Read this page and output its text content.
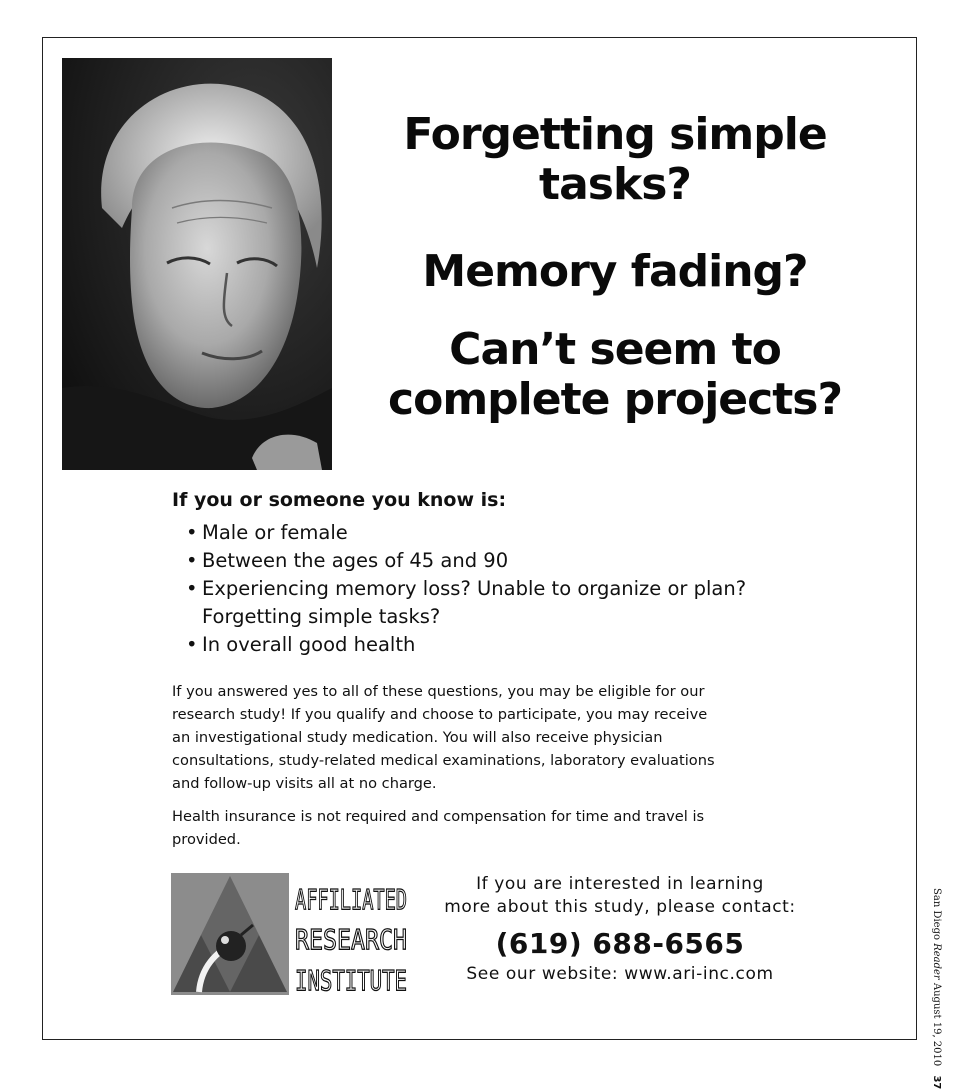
Forgetting simple
tasks?

Memory fading?

Can’t seem to
complete projects?

If you or someone you know is:

• Male or female
• Between the ages of 45 and 90
• Experiencing memory loss? Unable to organize or plan?
Forgetting simple tasks?
• In overall good health

If you answered yes to all of these questions, you may be eligible for our
research study! If you qualify and choose to participate, you may receive
an investigational study medication. You will also receive physician
consultations, study-related medical examinations, laboratory evaluations
and follow-up visits all at no charge.

Health insurance is not required and compensation for time and travel is
provided.

AFFILIATED
RESEARCH
INSTITUTE

If you are interested in learning

more about this study, please contact:

(619) 688-6565

See our website: www.ari-inc.com

San Diego Reader August 19, 2010 37
